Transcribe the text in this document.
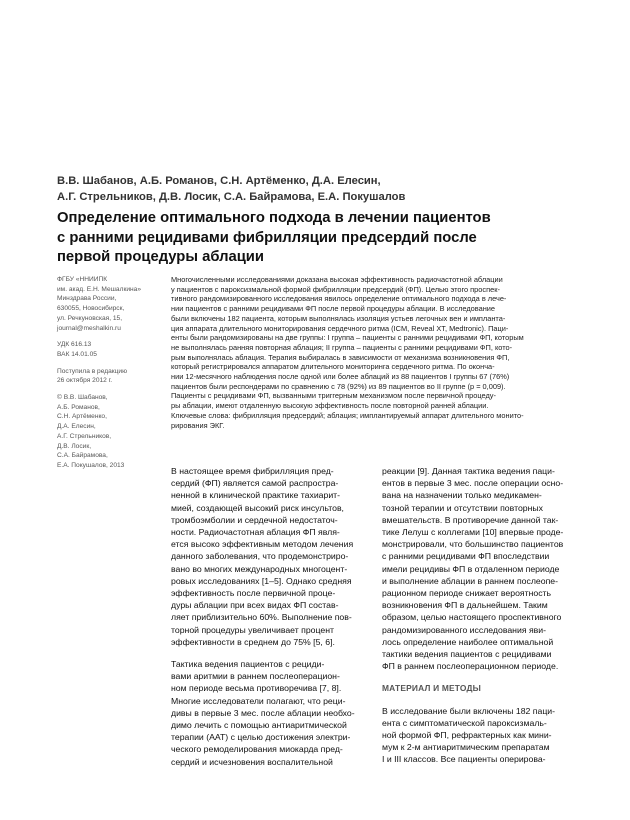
В.В. Шабанов, А.Б. Романов, С.Н. Артёменко, Д.А. Елесин,
А.Г. Стрельников, Д.В. Лосик, С.А. Байрамова, Е.А. Покушалов
Определение оптимального подхода в лечении пациентов
с ранними рецидивами фибрилляции предсердий после
первой процедуры аблации
ФГБУ «ННИИПК
им. акад. Е.Н. Мешалкина»
Минздрава России,
630055, Новосибирск,
ул. Речкуновская, 15,
journal@meshalkin.ru
УДК 616.13
ВАК 14.01.05
Поступила в редакцию
26 октября 2012 г.
© В.В. Шабанов,
А.Б. Романов,
С.Н. Артёменко,
Д.А. Елесин,
А.Г. Стрельников,
Д.В. Лосик,
С.А. Байрамова,
Е.А. Покушалов, 2013
Многочисленными исследованиями доказана высокая эффективность радиочастотной аблации
у пациентов с пароксизмальной формой фибрилляции предсердий (ФП). Целью этого проспек-
тивного рандомизированного исследования явилось определение оптимального подхода в лече-
нии пациентов с ранними рецидивами ФП после первой процедуры аблации. В исследование
были включены 182 пациента, которым выполнялась изоляция устьев легочных вен и импланта-
ция аппарата длительного мониторирования сердечного ритма (ICM, Reveal XT, Medtronic). Паци-
енты были рандомизированы на две группы: I группа – пациенты с ранними рецидивами ФП, которым
не выполнялась ранняя повторная аблация; II группа – пациенты с ранними рецидивами ФП, кото-
рым выполнялась аблация. Терапия выбиралась в зависимости от механизма возникновения ФП,
который регистрировался аппаратом длительного мониторинга сердечного ритма. По оконча-
нии 12-месячного наблюдения после одной или более аблаций из 88 пациентов I группы 67 (76%)
пациентов были респондерами по сравнению с 78 (92%) из 89 пациентов во II группе (p = 0,009).
Пациенты с рецидивами ФП, вызванными триггерным механизмом после первичной процеду-
ры аблации, имеют отдаленную высокую эффективность после повторной ранней аблации.
Ключевые слова: фибрилляция предсердий; аблация; имплантируемый аппарат длительного монито-
рирования ЭКГ.
В настоящее время фибрилляция пред-
сердий (ФП) является самой распростра-
ненной в клинической практике тахиарит-
мией, создающей высокий риск инсультов,
тромбоэмболии и сердечной недостаточ-
ности. Радиочастотная аблация ФП явля-
ется высоко эффективным методом лечения
данного заболевания, что продемонстриро-
вано во многих международных многоцент-
ровых исследованиях [1–5]. Однако средняя
эффективность после первичной проце-
дуры аблации при всех видах ФП состав-
ляет приблизительно 60%. Выполнение пов-
торной процедуры увеличивает процент
эффективности в среднем до 75% [5, 6].
Тактика ведения пациентов с рециди-
вами аритмии в раннем послеоперацион-
ном периоде весьма противоречива [7, 8].
Многие исследователи полагают, что реци-
дивы в первые 3 мес. после аблации необхо-
димо лечить с помощью антиаритмической
терапии (ААТ) с целью достижения электри-
ческого ремоделирования миокарда пред-
сердий и исчезновения воспалительной
реакции [9]. Данная тактика ведения паци-
ентов в первые 3 мес. после операции осно-
вана на назначении только медикамен-
тозной терапии и отсутствии повторных
вмешательств. В противоречие данной так-
тике Лелуш с коллегами [10] впервые проде-
монстрировали, что большинство пациентов
с ранними рецидивами ФП впоследствии
имели рецидивы ФП в отдаленном периоде
и выполнение аблации в раннем послеопе-
рационном периоде снижает вероятность
возникновения ФП в дальнейшем. Таким
образом, целью настоящего проспективного
рандомизированного исследования яви-
лось определение наиболее оптимальной
тактики ведения пациентов с рецидивами
ФП в раннем послеоперационном периоде.
МАТЕРИАЛ И МЕТОДЫ
В исследование были включены 182 паци-
ента с симптоматической пароксизмаль-
ной формой ФП, рефрактерных как мини-
мум к 2-м антиаритмическим препаратам
I и III классов. Все пациенты оперирова-
